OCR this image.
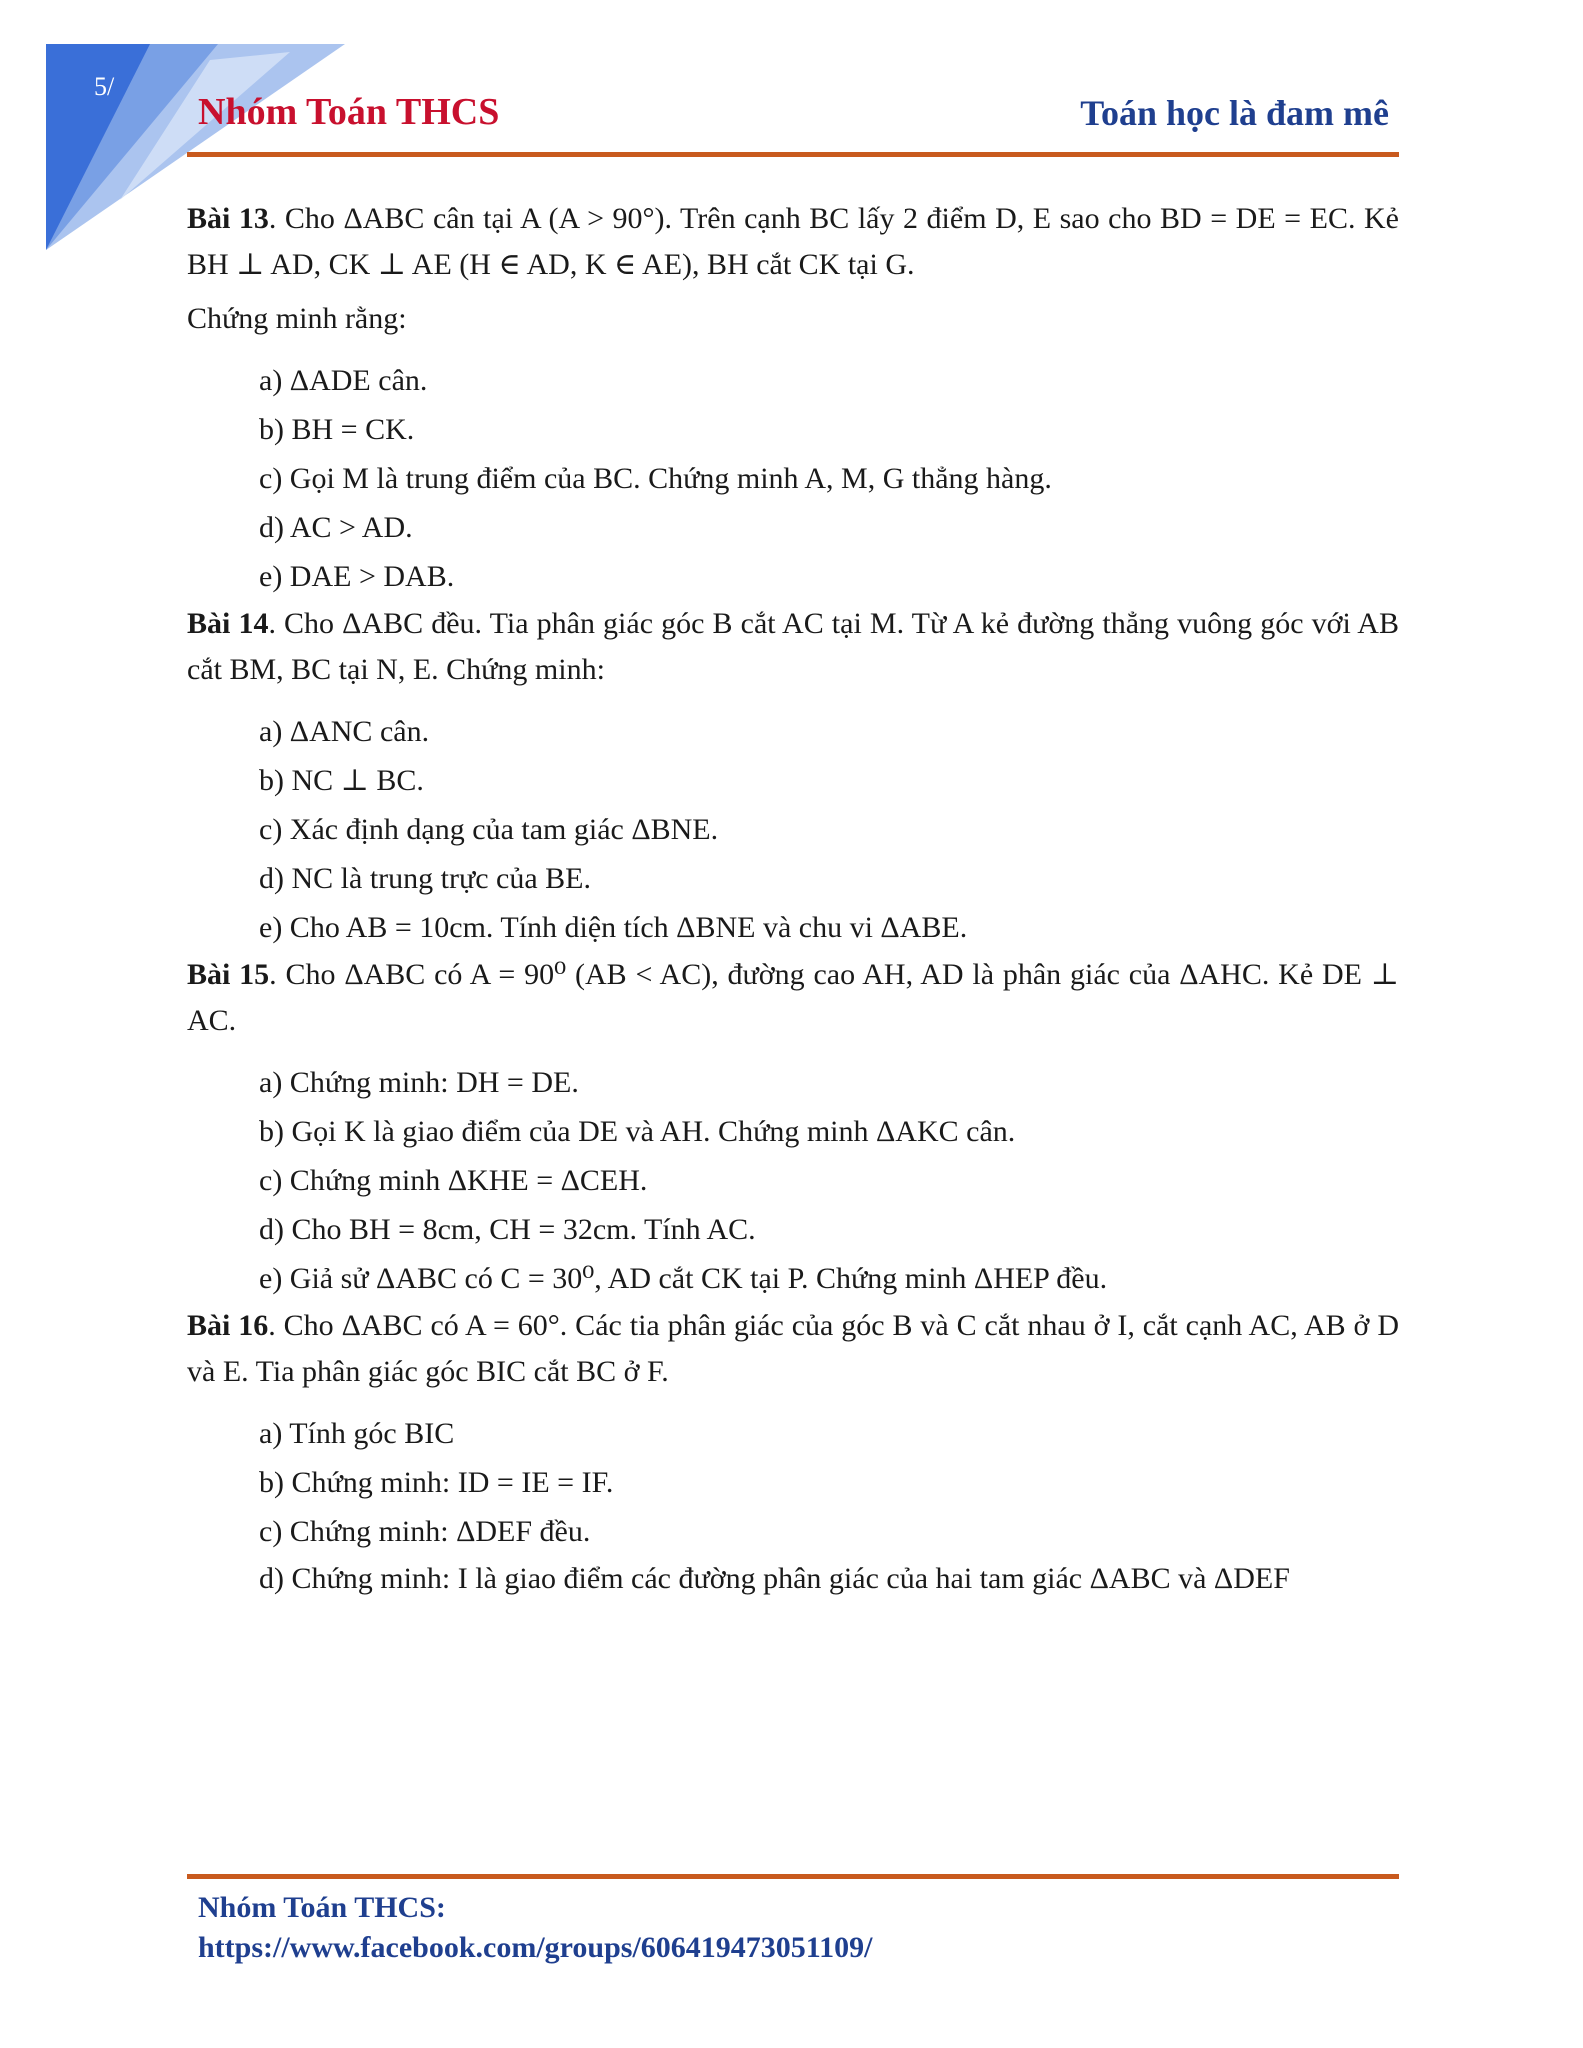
5/
Nhóm Toán THCS	Toán học là đam mê

Bài 13. Cho ΔABC cân tại A (A > 90°). Trên cạnh BC lấy 2 điểm D, E sao cho BD = DE = EC. Kẻ BH ⊥ AD, CK ⊥ AE (H ∈ AD, K ∈ AE), BH cắt CK tại G.

Chứng minh rằng:

a) ΔADE cân.
b) BH = CK.
c) Gọi M là trung điểm của BC. Chứng minh A, M, G thẳng hàng.
d) AC > AD.
e) DAE > DAB.

Bài 14. Cho ΔABC đều. Tia phân giác góc B cắt AC tại M. Từ A kẻ đường thẳng vuông góc với AB cắt BM, BC tại N, E. Chứng minh:

a) ΔANC cân.
b) NC ⊥ BC.
c) Xác định dạng của tam giác ΔBNE.
d) NC là trung trực của BE.
e) Cho AB = 10cm. Tính diện tích ΔBNE và chu vi ΔABE.

Bài 15. Cho ΔABC có A = 90⁰ (AB < AC), đường cao AH, AD là phân giác của ΔAHC. Kẻ DE ⊥ AC.

a) Chứng minh: DH = DE.
b) Gọi K là giao điểm của DE và AH. Chứng minh ΔAKC cân.
c) Chứng minh ΔKHE = ΔCEH.
d) Cho BH = 8cm, CH = 32cm. Tính AC.
e) Giả sử ΔABC có C = 30⁰, AD cắt CK tại P. Chứng minh ΔHEP đều.

Bài 16. Cho ΔABC có A = 60°. Các tia phân giác của góc B và C cắt nhau ở I, cắt cạnh AC, AB ở D và E. Tia phân giác góc BIC cắt BC ở F.

a) Tính góc BIC
b) Chứng minh: ID = IE = IF.
c) Chứng minh: ΔDEF đều.
d) Chứng minh: I là giao điểm các đường phân giác của hai tam giác ΔABC và ΔDEF
Nhóm Toán THCS:
https://www.facebook.com/groups/606419473051109/
